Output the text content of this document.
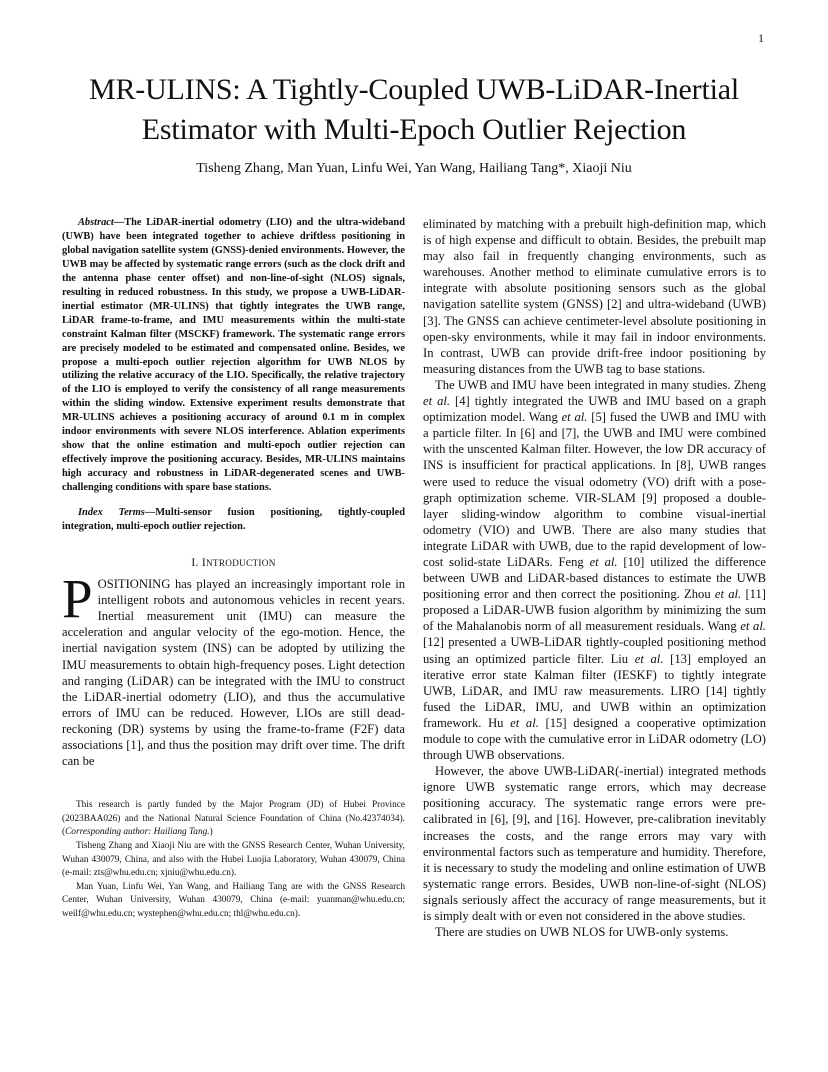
1
MR-ULINS: A Tightly-Coupled UWB-LiDAR-Inertial Estimator with Multi-Epoch Outlier Rejection
Tisheng Zhang, Man Yuan, Linfu Wei, Yan Wang, Hailiang Tang*, Xiaoji Niu

Abstract—The LiDAR-inertial odometry (LIO) and the ultra-wideband (UWB) have been integrated together to achieve driftless positioning in global navigation satellite system (GNSS)-denied environments. However, the UWB may be affected by systematic range errors (such as the clock drift and the antenna phase center offset) and non-line-of-sight (NLOS) signals, resulting in reduced robustness. In this study, we propose a UWB-LiDAR-inertial estimator (MR-ULINS) that tightly integrates the UWB range, LiDAR frame-to-frame, and IMU measurements within the multi-state constraint Kalman filter (MSCKF) framework. The systematic range errors are precisely modeled to be estimated and compensated online. Besides, we propose a multi-epoch outlier rejection algorithm for UWB NLOS by utilizing the relative accuracy of the LIO. Specifically, the relative trajectory of the LIO is employed to verify the consistency of all range measurements within the sliding window. Extensive experiment results demonstrate that MR-ULINS achieves a positioning accuracy of around 0.1 m in complex indoor environments with severe NLOS interference. Ablation experiments show that the online estimation and multi-epoch outlier rejection can effectively improve the positioning accuracy. Besides, MR-ULINS maintains high accuracy and robustness in LiDAR-degenerated scenes and UWB-challenging conditions with spare base stations.

Index Terms—Multi-sensor fusion positioning, tightly-coupled integration, multi-epoch outlier rejection.

I. INTRODUCTION

POSITIONING has played an increasingly important role in intelligent robots and autonomous vehicles in recent years. Inertial measurement unit (IMU) can measure the acceleration and angular velocity of the ego-motion. Hence, the inertial navigation system (INS) can be adopted by utilizing the IMU measurements to obtain high-frequency poses. Light detection and ranging (LiDAR) can be integrated with the IMU to construct the LiDAR-inertial odometry (LIO), and thus the accumulative errors of IMU can be reduced. However, LIOs are still dead-reckoning (DR) systems by using the frame-to-frame (F2F) data associations [1], and thus the position may drift over time. The drift can be

This research is partly funded by the Major Program (JD) of Hubei Province (2023BAA026) and the National Natural Science Foundation of China (No.42374034). (Corresponding author: Hailiang Tang.)

Tisheng Zhang and Xiaoji Niu are with the GNSS Research Center, Wuhan University, Wuhan 430079, China, and also with the Hubei Luojia Laboratory, Wuhan 430079, China (e-mail: zts@whu.edu.cn; xjniu@whu.edu.cn).

Man Yuan, Linfu Wei, Yan Wang, and Hailiang Tang are with the GNSS Research Center, Wuhan University, Wuhan 430079, China (e-mail: yuanman@whu.edu.cn; weilf@whu.edu.cn; wystephen@whu.edu.cn; thl@whu.edu.cn).

eliminated by matching with a prebuilt high-definition map, which is of high expense and difficult to obtain. Besides, the prebuilt map may also fail in frequently changing environments, such as warehouses. Another method to eliminate cumulative errors is to integrate with absolute positioning sensors such as the global navigation satellite system (GNSS) [2] and ultra-wideband (UWB) [3]. The GNSS can achieve centimeter-level absolute positioning in open-sky environments, while it may fail in indoor environments. In contrast, UWB can provide drift-free indoor positioning by measuring distances from the UWB tag to base stations.

The UWB and IMU have been integrated in many studies. Zheng et al. [4] tightly integrated the UWB and IMU based on a graph optimization model. Wang et al. [5] fused the UWB and IMU with a particle filter. In [6] and [7], the UWB and IMU were combined with the unscented Kalman filter. However, the low DR accuracy of INS is insufficient for practical applications. In [8], UWB ranges were used to reduce the visual odometry (VO) drift with a pose-graph optimization scheme. VIR-SLAM [9] proposed a double-layer sliding-window algorithm to combine visual-inertial odometry (VIO) and UWB. There are also many studies that integrate LiDAR with UWB, due to the rapid development of low-cost solid-state LiDARs. Feng et al. [10] utilized the difference between UWB and LiDAR-based distances to estimate the UWB positioning error and then correct the positioning. Zhou et al. [11] proposed a LiDAR-UWB fusion algorithm by minimizing the sum of the Mahalanobis norm of all measurement residuals. Wang et al. [12] presented a UWB-LiDAR tightly-coupled positioning method using an optimized particle filter. Liu et al. [13] employed an iterative error state Kalman filter (IESKF) to tightly integrate UWB, LiDAR, and IMU raw measurements. LIRO [14] tightly fused the LiDAR, IMU, and UWB within an optimization framework. Hu et al. [15] designed a cooperative optimization module to cope with the cumulative error in LiDAR odometry (LO) through UWB observations.

However, the above UWB-LiDAR(-inertial) integrated methods ignore UWB systematic range errors, which may decrease positioning accuracy. The systematic range errors were pre-calibrated in [6], [9], and [16]. However, pre-calibration inevitably increases the costs, and the range errors may vary with environmental factors such as temperature and humidity. Therefore, it is necessary to study the modeling and online estimation of UWB systematic range errors. Besides, UWB non-line-of-sight (NLOS) signals seriously affect the accuracy of range measurements, but it is simply dealt with or even not considered in the above studies.

There are studies on UWB NLOS for UWB-only systems.
